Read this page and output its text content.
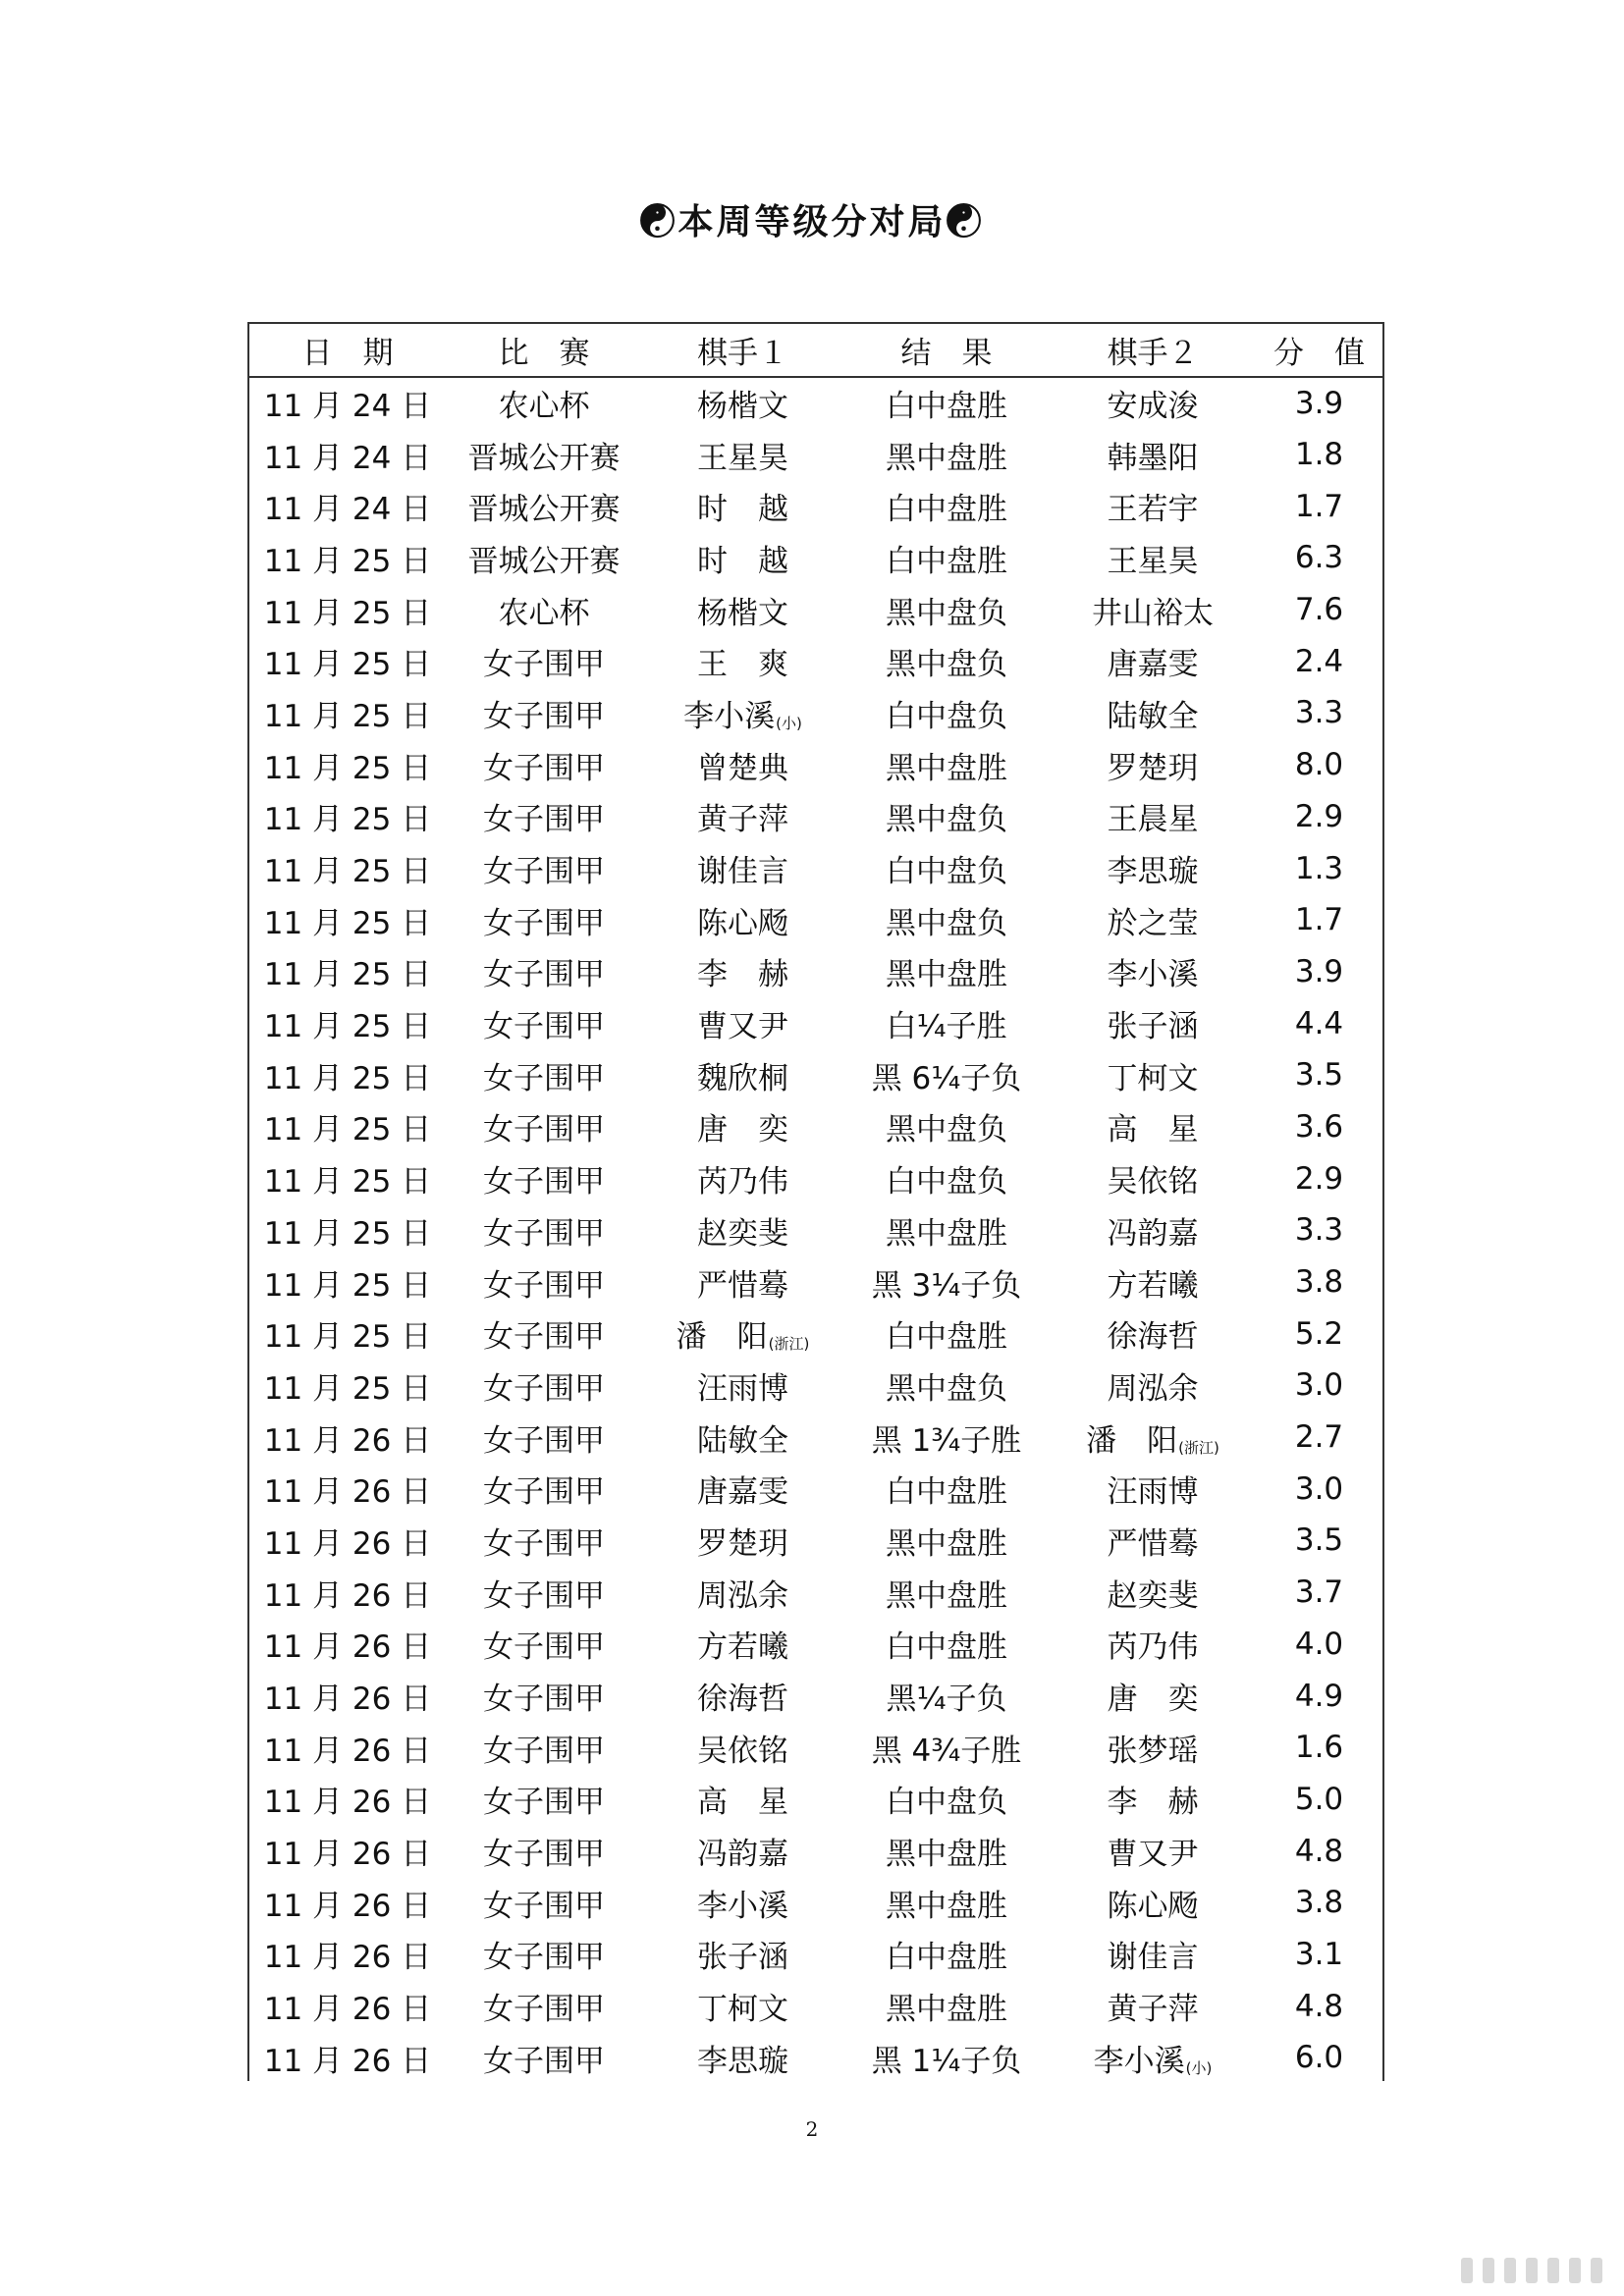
☯本周等级分对局☯
日　期	比　赛	棋手１	结　果	棋手２	分　值
11 月 24 日	农心杯	杨楷文	白中盘胜	安成浚	3.9
11 月 24 日	晋城公开赛	王星昊	黑中盘胜	韩墨阳	1.8
11 月 24 日	晋城公开赛	时　越	白中盘胜	王若宇	1.7
11 月 25 日	晋城公开赛	时　越	白中盘胜	王星昊	6.3
11 月 25 日	农心杯	杨楷文	黑中盘负	井山裕太	7.6
11 月 25 日	女子围甲	王　爽	黑中盘负	唐嘉雯	2.4
11 月 25 日	女子围甲	李小溪(小)	白中盘负	陆敏全	3.3
11 月 25 日	女子围甲	曾楚典	黑中盘胜	罗楚玥	8.0
11 月 25 日	女子围甲	黄子萍	黑中盘负	王晨星	2.9
11 月 25 日	女子围甲	谢佳言	白中盘负	李思璇	1.3
11 月 25 日	女子围甲	陈心飏	黑中盘负	於之莹	1.7
11 月 25 日	女子围甲	李　赫	黑中盘胜	李小溪	3.9
11 月 25 日	女子围甲	曹又尹	白¼子胜	张子涵	4.4
11 月 25 日	女子围甲	魏欣桐	黑 6¼子负	丁柯文	3.5
11 月 25 日	女子围甲	唐　奕	黑中盘负	高　星	3.6
11 月 25 日	女子围甲	芮乃伟	白中盘负	吴依铭	2.9
11 月 25 日	女子围甲	赵奕斐	黑中盘胜	冯韵嘉	3.3
11 月 25 日	女子围甲	严惜蓦	黑 3¼子负	方若曦	3.8
11 月 25 日	女子围甲	潘　阳(浙江)	白中盘胜	徐海哲	5.2
11 月 25 日	女子围甲	汪雨博	黑中盘负	周泓余	3.0
11 月 26 日	女子围甲	陆敏全	黑 1¾子胜	潘　阳(浙江)	2.7
11 月 26 日	女子围甲	唐嘉雯	白中盘胜	汪雨博	3.0
11 月 26 日	女子围甲	罗楚玥	黑中盘胜	严惜蓦	3.5
11 月 26 日	女子围甲	周泓余	黑中盘胜	赵奕斐	3.7
11 月 26 日	女子围甲	方若曦	白中盘胜	芮乃伟	4.0
11 月 26 日	女子围甲	徐海哲	黑¼子负	唐　奕	4.9
11 月 26 日	女子围甲	吴依铭	黑 4¾子胜	张梦瑶	1.6
11 月 26 日	女子围甲	高　星	白中盘负	李　赫	5.0
11 月 26 日	女子围甲	冯韵嘉	黑中盘胜	曹又尹	4.8
11 月 26 日	女子围甲	李小溪	黑中盘胜	陈心飏	3.8
11 月 26 日	女子围甲	张子涵	白中盘胜	谢佳言	3.1
11 月 26 日	女子围甲	丁柯文	黑中盘胜	黄子萍	4.8
11 月 26 日	女子围甲	李思璇	黑 1¼子负	李小溪(小)	6.0
2
